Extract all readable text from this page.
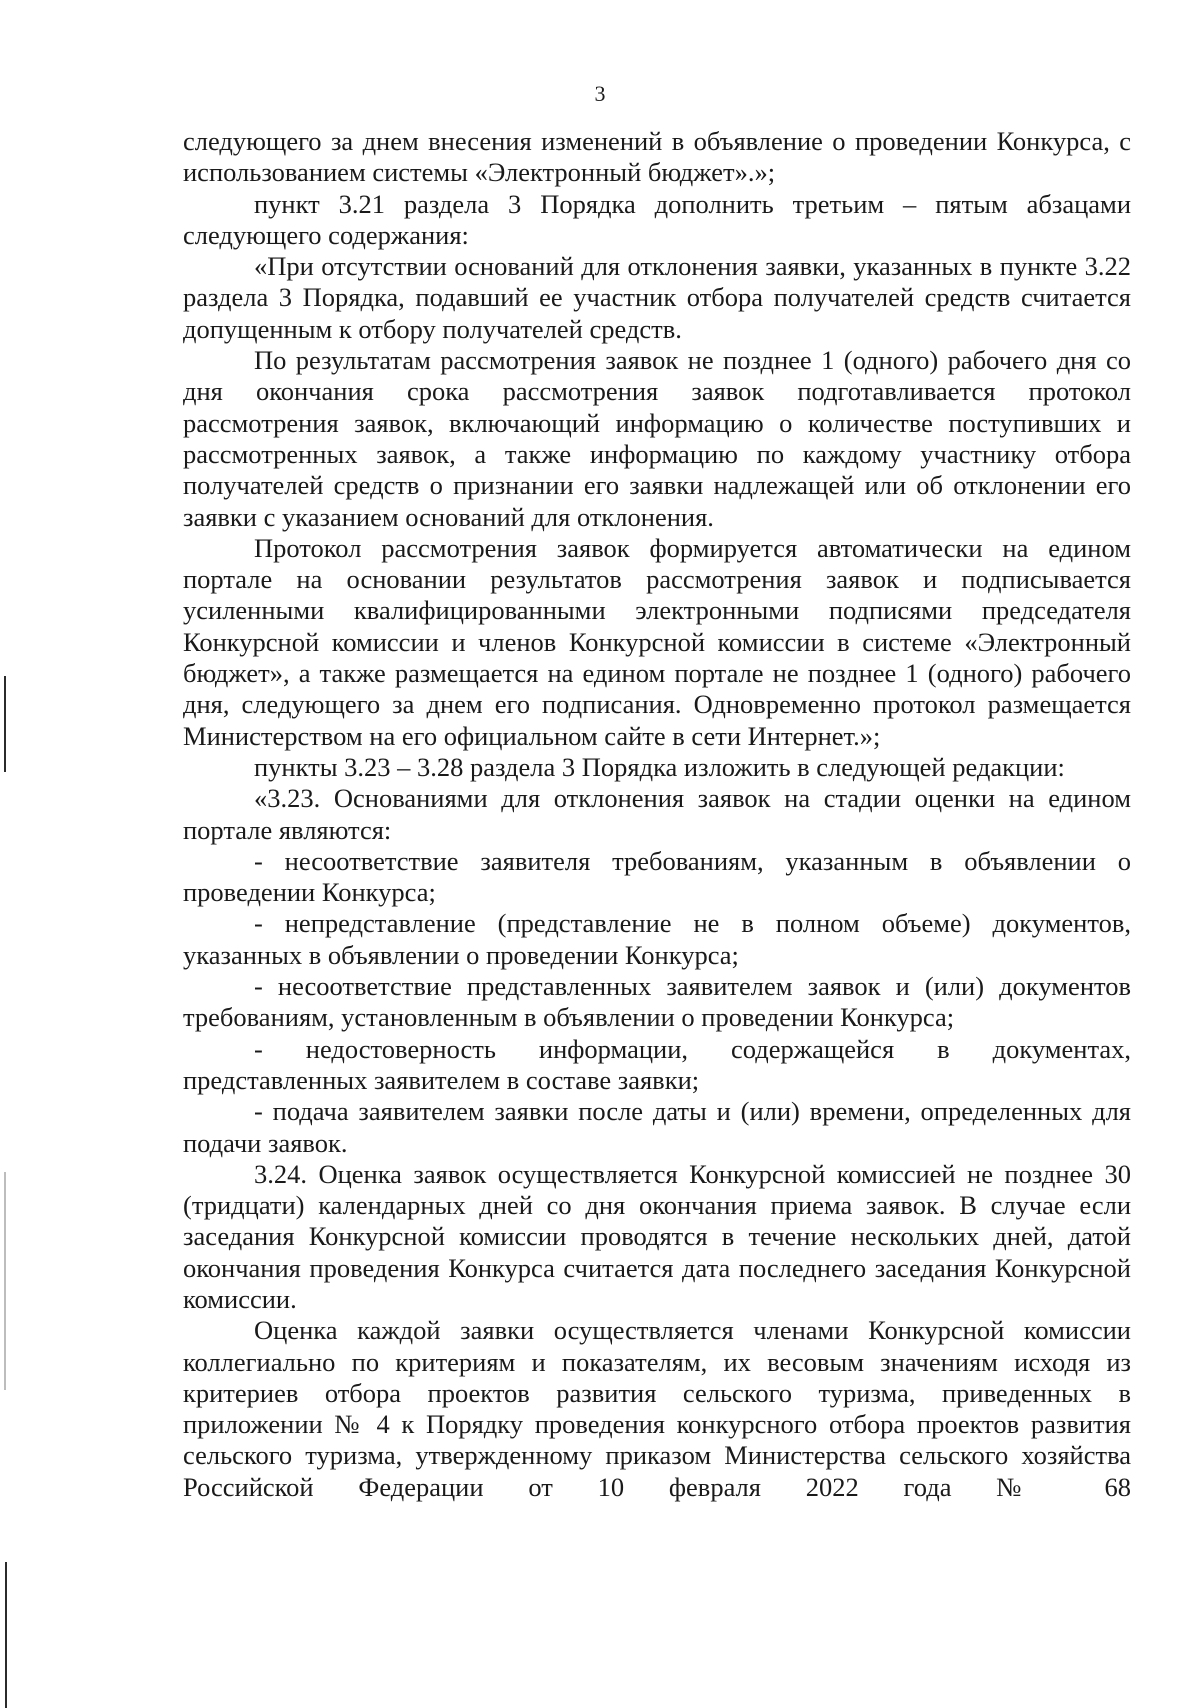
3

следующего за днем внесения изменений в объявление о проведении Конкурса, с использованием системы «Электронный бюджет».»;

пункт 3.21 раздела 3 Порядка дополнить третьим – пятым абзацами следующего содержания:

«При отсутствии оснований для отклонения заявки, указанных в пункте 3.22 раздела 3 Порядка, подавший ее участник отбора получателей средств считается допущенным к отбору получателей средств.

По результатам рассмотрения заявок не позднее 1 (одного) рабочего дня со дня окончания срока рассмотрения заявок подготавливается протокол рассмотрения заявок, включающий информацию о количестве поступивших и рассмотренных заявок, а также информацию по каждому участнику отбора получателей средств о признании его заявки надлежащей или об отклонении его заявки с указанием оснований для отклонения.

Протокол рассмотрения заявок формируется автоматически на едином портале на основании результатов рассмотрения заявок и подписывается усиленными квалифицированными электронными подписями председателя Конкурсной комиссии и членов Конкурсной комиссии в системе «Электронный бюджет», а также размещается на едином портале не позднее 1 (одного) рабочего дня, следующего за днем его подписания. Одновременно протокол размещается Министерством на его официальном сайте в сети Интернет.»;

пункты 3.23 – 3.28 раздела 3 Порядка изложить в следующей редакции:

«3.23. Основаниями для отклонения заявок на стадии оценки на едином портале являются:

- несоответствие заявителя требованиям, указанным в объявлении о проведении Конкурса;

- непредставление (представление не в полном объеме) документов, указанных в объявлении о проведении Конкурса;

- несоответствие представленных заявителем заявок и (или) документов требованиям, установленным в объявлении о проведении Конкурса;

- недостоверность информации, содержащейся в документах, представленных заявителем в составе заявки;

- подача заявителем заявки после даты и (или) времени, определенных для подачи заявок.

3.24. Оценка заявок осуществляется Конкурсной комиссией не позднее 30 (тридцати) календарных дней со дня окончания приема заявок. В случае если заседания Конкурсной комиссии проводятся в течение нескольких дней, датой окончания проведения Конкурса считается дата последнего заседания Конкурсной комиссии.

Оценка каждой заявки осуществляется членами Конкурсной комиссии коллегиально по критериям и показателям, их весовым значениям исходя из критериев отбора проектов развития сельского туризма, приведенных в приложении № 4 к Порядку проведения конкурсного отбора проектов развития сельского туризма, утвержденному приказом Министерства сельского хозяйства Российской Федерации от 10 февраля 2022 года № 68
